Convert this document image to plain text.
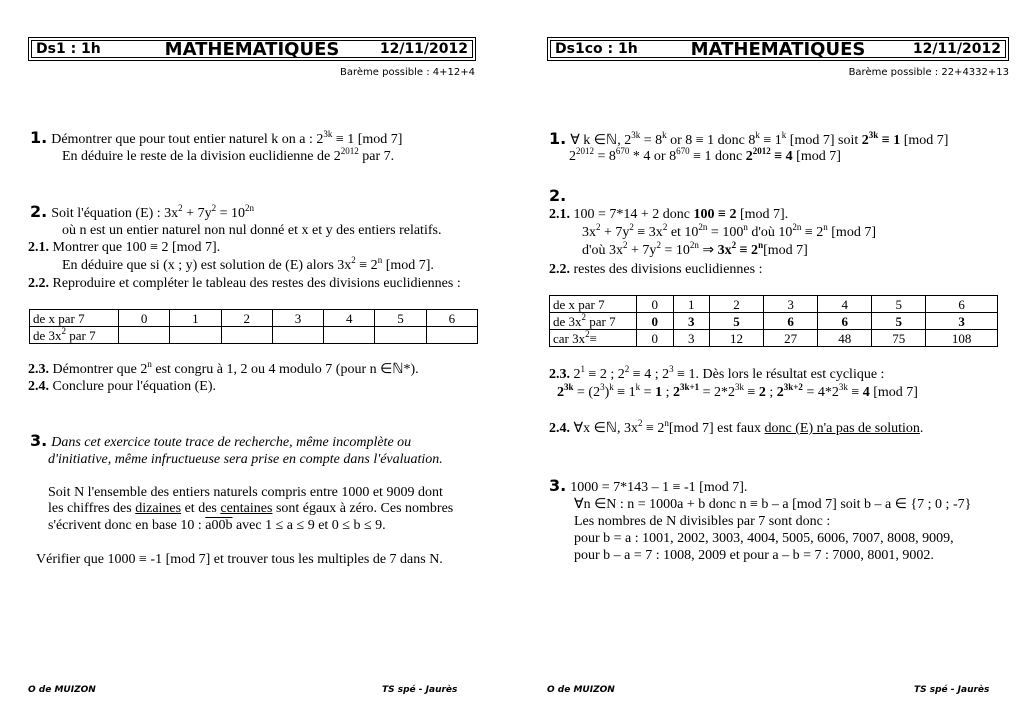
Ds1 : 1h	MATHEMATIQUES	12/11/2012
Barème possible : 4+12+4
1. Démontrer que pour tout entier naturel k on a : $2^{3k} \equiv 1$ [mod 7]
En déduire le reste de la division euclidienne de $2^{2012}$ par 7.
2. Soit l'équation (E) : $3x^2 + 7y^2 = 10^{2n}$
où n est un entier naturel non nul donné et x et y des entiers relatifs.
2.1. Montrer que 100 ≡ 2 [mod 7].
En déduire que si (x ; y) est solution de (E) alors $3x^2 \equiv 2^n$ [mod 7].
2.2. Reproduire et compléter le tableau des restes des divisions euclidiennes :
de x par 7	0	1	2	3	4	5	6
de $3x^2$ par 7							
2.3. Démontrer que 2$^n$ est congru à 1, 2 ou 4 modulo 7 (pour n ∈ℕ*).
2.4. Conclure pour l'équation (E).
3. Dans cet exercice toute trace de recherche, même incomplète ou
d'initiative, même infructueuse sera prise en compte dans l'évaluation.
Soit N l'ensemble des entiers naturels compris entre 1000 et 9009 dont
les chiffres des dizaines et des centaines sont égaux à zéro. Ces nombres
s'écrivent donc en base 10 : a00b avec 1 ≤ a ≤ 9 et 0 ≤ b ≤ 9.
Vérifier que 1000 ≡ -1 [mod 7] et trouver tous les multiples de 7 dans N.
O de MUIZON	TS spé - Jaurès
Ds1co : 1h	MATHEMATIQUES	12/11/2012
Barème possible : 22+4332+13
1. ∀ k ∈ℕ, $2^{3k} = 8^k$ or 8 ≡ 1 donc $8^k \equiv 1^k$ [mod 7] soit $2^{3k} \equiv 1$ [mod 7]
$2^{2012} = 8^{670} * 4$ or $8^{670} \equiv 1$ donc $2^{2012} \equiv 4$ [mod 7]
2.
2.1. 100 = 7*14 + 2 donc 100 ≡ 2 [mod 7].
$3x^2 + 7y^2 \equiv 3x^2$ et $10^{2n} = 100^n$ d'où $10^{2n} \equiv 2^n$ [mod 7]
d'où $3x^2 + 7y^2 = 10^{2n}$ ⇒ $3x^2 \equiv 2^n[mod$ 7]
2.2. restes des divisions euclidiennes :
de x par 7	0	1	2	3	4	5	6
de $3x^2$ par 7	0	3	5	6	6	5	3
car $3x^2\equiv$	0	3	12	27	48	75	108
2.3. $2^1 \equiv 2$ ; $2^2 \equiv 4$ ; $2^3 \equiv 1$. Dès lors le résultat est cyclique :
$2^{3k} = (2^3)^k \equiv 1^k = 1$ ; $2^{3k+1} = 2*2^{3k} \equiv 2$ ; $2^{3k+2} = 4*2^{3k} \equiv 4$ [mod 7]
2.4. ∀x ∈ℕ, $3x^2 \equiv 2^n[mod$ 7] est faux donc (E) n'a pas de solution.
3. 1000 = 7*143 – 1 ≡ -1 [mod 7].
∀n ∈N : n = 1000a + b donc n ≡ b – a [mod 7] soit b – a ∈ {7 ; 0 ; -7}
Les nombres de N divisibles par 7 sont donc :
pour b = a : 1001, 2002, 3003, 4004, 5005, 6006, 7007, 8008, 9009,
pour b – a = 7 : 1008, 2009 et pour a – b = 7 : 7000, 8001, 9002.
O de MUIZON	TS spé - Jaurès
